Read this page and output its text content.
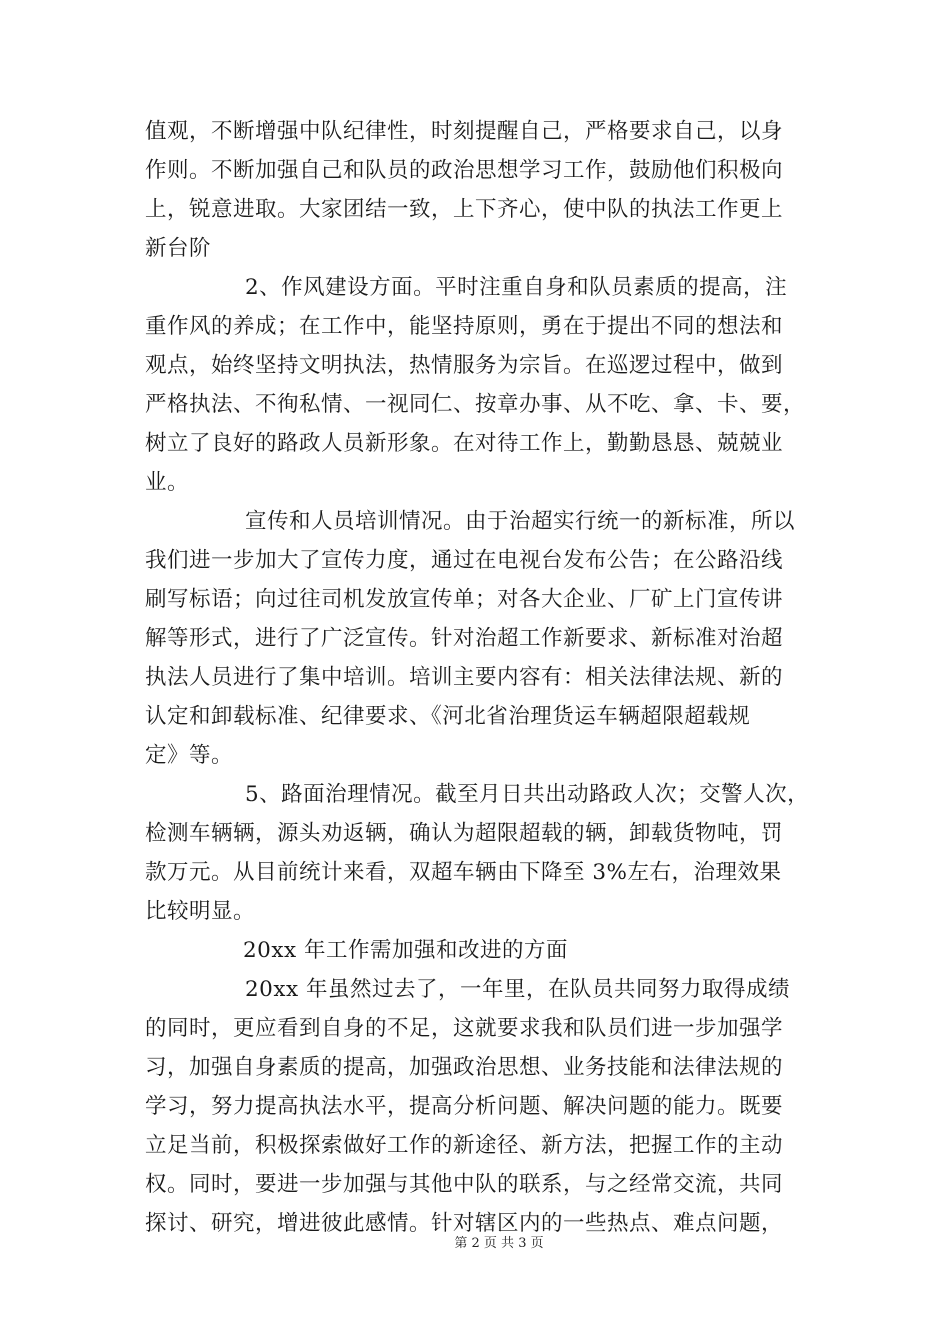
值观，不断增强中队纪律性，时刻提醒自己，严格要求自己，以身
作则。不断加强自己和队员的政治思想学习工作，鼓励他们积极向
上，锐意进取。大家团结一致，上下齐心，使中队的执法工作更上
新台阶
2、作风建设方面。平时注重自身和队员素质的提高，注
重作风的养成；在工作中，能坚持原则，勇在于提出不同的想法和
观点，始终坚持文明执法，热情服务为宗旨。在巡逻过程中，做到
严格执法、不徇私情、一视同仁、按章办事、从不吃、拿、卡、要，
树立了良好的路政人员新形象。在对待工作上，勤勤恳恳、兢兢业
业。
宣传和人员培训情况。由于治超实行统一的新标准，所以
我们进一步加大了宣传力度，通过在电视台发布公告；在公路沿线
刷写标语；向过往司机发放宣传单；对各大企业、厂矿上门宣传讲
解等形式，进行了广泛宣传。针对治超工作新要求、新标准对治超
执法人员进行了集中培训。培训主要内容有：相关法律法规、新的
认定和卸载标准、纪律要求、《河北省治理货运车辆超限超载规
定》等。
5、路面治理情况。截至月日共出动路政人次；交警人次，
检测车辆辆，源头劝返辆，确认为超限超载的辆，卸载货物吨，罚
款万元。从目前统计来看，双超车辆由下降至 3%左右，治理效果
比较明显。
20xx 年工作需加强和改进的方面
20xx 年虽然过去了，一年里，在队员共同努力取得成绩
的同时，更应看到自身的不足，这就要求我和队员们进一步加强学
习，加强自身素质的提高，加强政治思想、业务技能和法律法规的
学习，努力提高执法水平，提高分析问题、解决问题的能力。既要
立足当前，积极探索做好工作的新途径、新方法，把握工作的主动
权。同时，要进一步加强与其他中队的联系，与之经常交流，共同
探讨、研究，增进彼此感情。针对辖区内的一些热点、难点问题，
第 2 页 共 3 页
